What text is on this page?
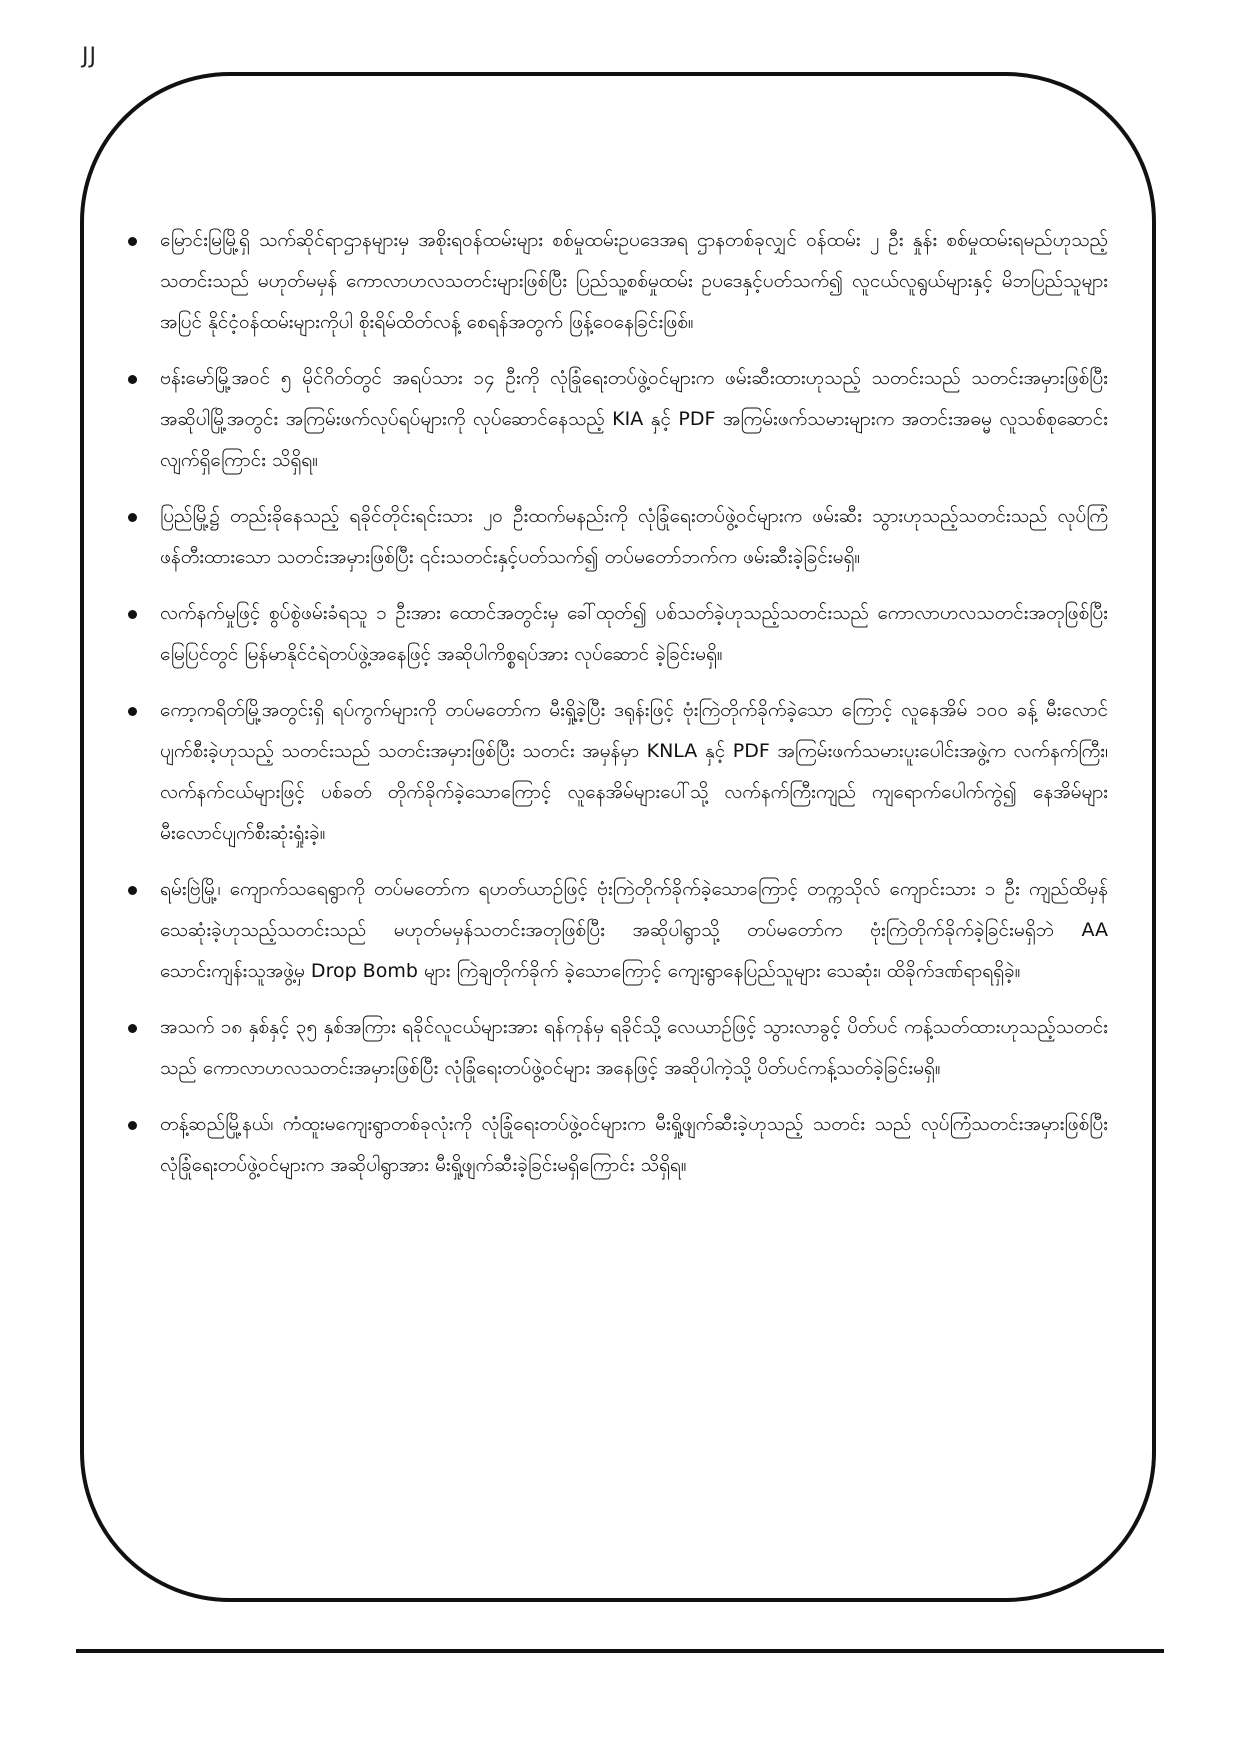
JJ
မြောင်းမြမြို့ရှိ သက်ဆိုင်ရာဌာနများမှ အစိုးရဝန်ထမ်းများ စစ်မှုထမ်းဥပဒေအရ ဌာနတစ်ခုလျှင် ဝန်ထမ်း ၂ ဦး နှုန်း စစ်မှုထမ်းရမည်ဟုသည့်သတင်းသည် မဟုတ်မမှန် ကောလာဟလသတင်းများဖြစ်ပြီး ပြည်သူ့စစ်မှုထမ်း ဥပဒေနှင့်ပတ်သက်၍ လူငယ်လူရွယ်များနှင့် မိဘပြည်သူများအပြင် နိုင်ငံ့ဝန်ထမ်းများကိုပါ စိုးရိမ်ထိတ်လန့် စေရန်အတွက် ဖြန့်ဝေနေခြင်းဖြစ်။
ဗန်းမော်မြို့အဝင် ၅ မိုင်ဂိတ်တွင် အရပ်သား ၁၄ ဦးကို လုံခြုံရေးတပ်ဖွဲ့ဝင်များက ဖမ်းဆီးထားဟုသည့် သတင်းသည် သတင်းအမှားဖြစ်ပြီး အဆိုပါမြို့အတွင်း အကြမ်းဖက်လုပ်ရပ်များကို လုပ်ဆောင်နေသည့် KIA နှင့် PDF အကြမ်းဖက်သမားများက အတင်းအဓမ္မ လူသစ်စုဆောင်းလျက်ရှိကြောင်း သိရှိရ။
ပြည်မြို့၌ တည်းခိုနေသည့် ရခိုင်တိုင်းရင်းသား ၂၀ ဦးထက်မနည်းကို လုံခြုံရေးတပ်ဖွဲ့ဝင်များက ဖမ်းဆီး သွားဟုသည့်သတင်းသည် လုပ်ကြံဖန်တီးထားသော သတင်းအမှားဖြစ်ပြီး ၎င်းသတင်းနှင့်ပတ်သက်၍ တပ်မတော်ဘက်က ဖမ်းဆီးခဲ့ခြင်းမရှိ။
လက်နက်မှုဖြင့် စွပ်စွဲဖမ်းခံရသူ ၁ ဦးအား ထောင်အတွင်းမှ ခေါ်ထုတ်၍ ပစ်သတ်ခဲ့ဟုသည့်သတင်းသည် ကောလာဟလသတင်းအတုဖြစ်ပြီး မြေပြင်တွင် မြန်မာနိုင်ငံရဲတပ်ဖွဲ့အနေဖြင့် အဆိုပါကိစ္စရပ်အား လုပ်ဆောင် ခဲ့ခြင်းမရှိ။
ကော့ကရိတ်မြို့အတွင်းရှိ ရပ်ကွက်များကို တပ်မတော်က မီးရှို့ခဲ့ပြီး ဒရုန်းဖြင့် ဗုံးကြဲတိုက်ခိုက်ခဲ့သော ကြောင့် လူနေအိမ် ၁၀၀ ခန့် မီးလောင်ပျက်စီးခဲ့ဟုသည့် သတင်းသည် သတင်းအမှားဖြစ်ပြီး သတင်း အမှန်မှာ KNLA နှင့် PDF အကြမ်းဖက်သမားပူးပေါင်းအဖွဲ့က လက်နက်ကြီး၊ လက်နက်ငယ်များဖြင့် ပစ်ခတ် တိုက်ခိုက်ခဲ့သောကြောင့် လူနေအိမ်များပေါ်သို့ လက်နက်ကြီးကျည် ကျရောက်ပေါက်ကွဲ၍ နေအိမ်များ မီးလောင်ပျက်စီးဆုံးရှုံးခဲ့။
ရမ်းဗြဲမြို့၊ ကျောက်သရေရွာကို တပ်မတော်က ရဟတ်ယာဉ်ဖြင့် ဗုံးကြဲတိုက်ခိုက်ခဲ့သောကြောင့် တက္ကသိုလ် ကျောင်းသား ၁ ဦး ကျည်ထိမှန်သေဆုံးခဲ့ဟုသည့်သတင်းသည် မဟုတ်မမှန်သတင်းအတုဖြစ်ပြီး အဆိုပါရွာသို့ တပ်မတော်က ဗုံးကြဲတိုက်ခိုက်ခဲ့ခြင်းမရှိဘဲ AA သောင်းကျန်းသူအဖွဲ့မှ Drop Bomb များ ကြဲချတိုက်ခိုက် ခဲ့သောကြောင့် ကျေးရွာနေပြည်သူများ သေဆုံး၊ ထိခိုက်ဒဏ်ရာရရှိခဲ့။
အသက် ၁၈ နှစ်နှင့် ၃၅ နှစ်အကြား ရခိုင်လူငယ်များအား ရန်ကုန်မှ ရခိုင်သို့ လေယာဉ်ဖြင့် သွားလာခွင့် ပိတ်ပင် ကန့်သတ်ထားဟုသည့်သတင်းသည် ကောလာဟလသတင်းအမှားဖြစ်ပြီး လုံခြုံရေးတပ်ဖွဲ့ဝင်များ အနေဖြင့် အဆိုပါကဲ့သို့ ပိတ်ပင်ကန့်သတ်ခဲ့ခြင်းမရှိ။
တန့်ဆည်မြို့နယ်၊ ကံထူးမကျေးရွာတစ်ခုလုံးကို လုံခြုံရေးတပ်ဖွဲ့ဝင်များက မီးရှို့ဖျက်ဆီးခဲ့ဟုသည့် သတင်း သည် လုပ်ကြံသတင်းအမှားဖြစ်ပြီး လုံခြုံရေးတပ်ဖွဲ့ဝင်များက အဆိုပါရွာအား မီးရှို့ဖျက်ဆီးခဲ့ခြင်းမရှိကြောင်း သိရှိရ။
